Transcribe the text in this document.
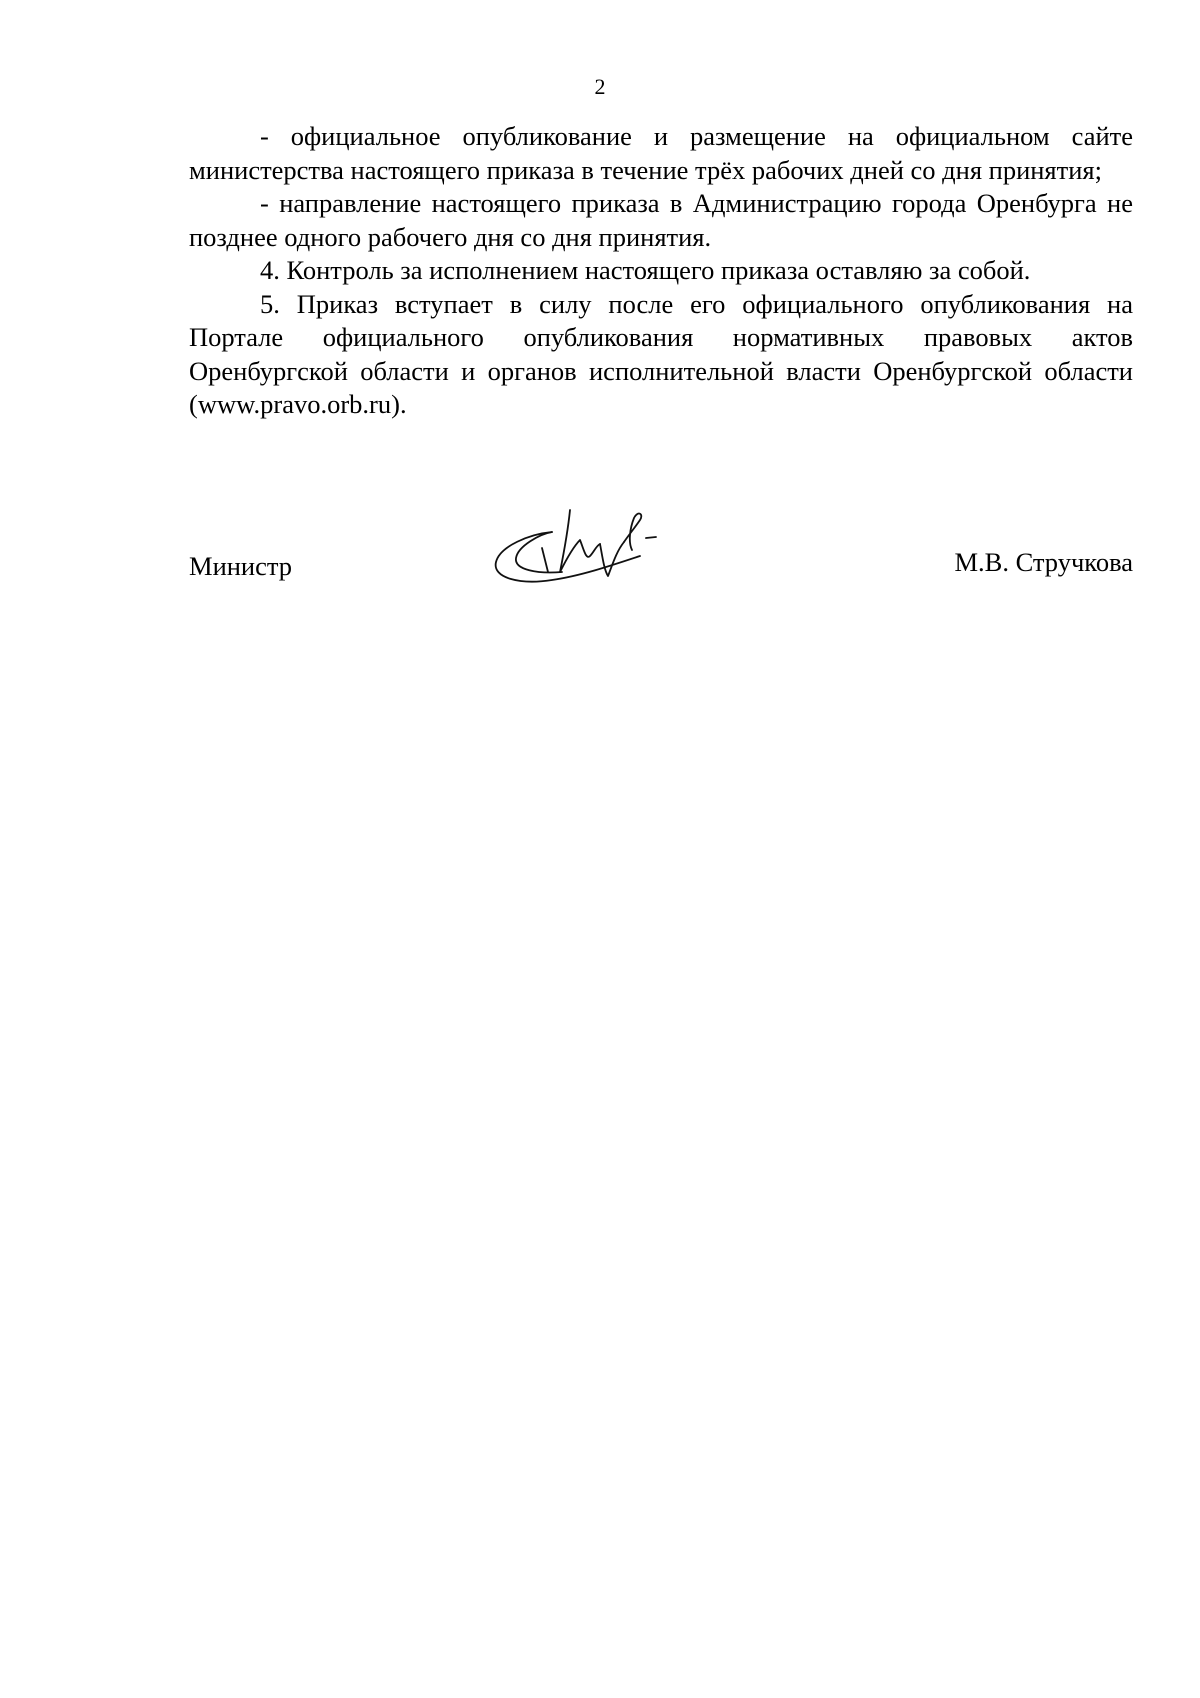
2

- официальное опубликование и размещение на официальном сайте министерства настоящего приказа в течение трёх рабочих дней со дня принятия;

- направление настоящего приказа в Администрацию города Оренбурга не позднее одного рабочего дня со дня принятия.

4. Контроль за исполнением настоящего приказа оставляю за собой.

5. Приказ вступает в силу после его официального опубликования на Портале официального опубликования нормативных правовых актов Оренбургской области и органов исполнительной власти Оренбургской области (www.pravo.orb.ru).

Министр	М.В. Стручкова
